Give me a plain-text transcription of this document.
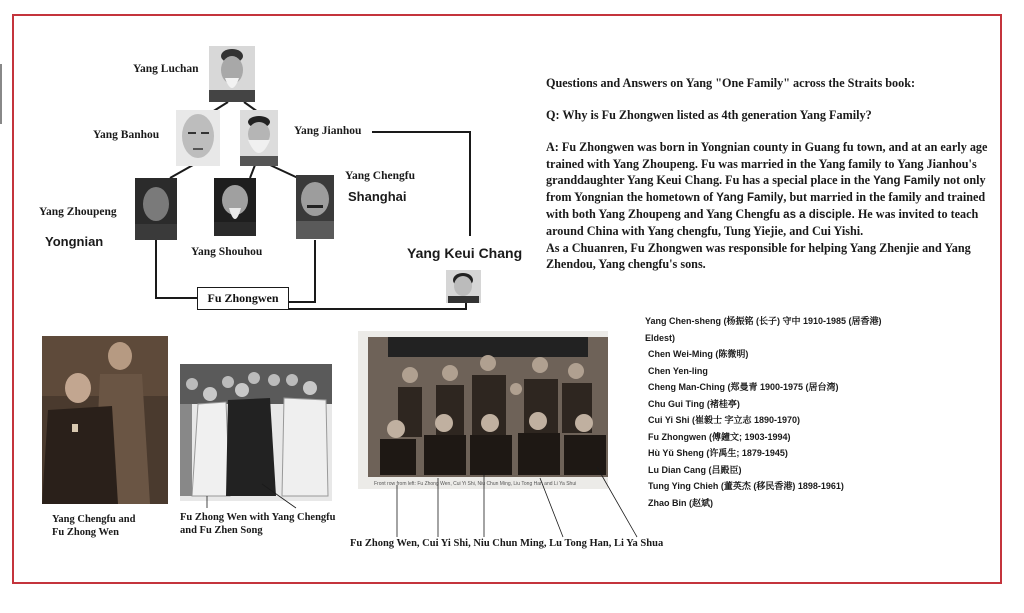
Yang Luchan
Yang Banhou	Yang Jianhou
Yang Chengfu
Yang Zhoupeng
Yang Shouhou
Yongnian
Shanghai
Yang Keui Chang
Fu Zhongwen

Questions and Answers on Yang "One Family" across the Straits book:

Q: Why is Fu Zhongwen listed as 4th generation Yang Family?

A: Fu Zhongwen was born in Yongnian county in Guang fu town, and at an early age trained with Yang Zhoupeng. Fu was married in the Yang family to Yang Jianhou's granddaughter Yang Keui Chang. Fu has a special place in the Yang Family not only from Yongnian the hometown of Yang Family, but married in the family and trained with both Yang Zhoupeng and Yang Chengfu as a disciple. He was invited to teach around China with Yang chengfu, Tung Yiejie, and Cui Yishi.
As a Chuanren, Fu Zhongwen was responsible for helping Yang Zhenjie and Yang Zhendou, Yang chengfu's sons.

Yang Chen-sheng (杨振铭 (长子) 守中 1910-1985 (居香港)
Eldest)
Chen Wei-Ming (陈微明)
Chen Yen-ling
Cheng Man-Ching (郑曼青 1900-1975 (居台湾)
Chu Gui Ting (褚桂亭)
Cui Yi Shi (崔毅士 字立志 1890-1970)
Fu Zhongwen (傅鐘文; 1903-1994)
Hù Yǔ Sheng (许禹生; 1879-1945)
Lu Dian Cang (吕殿臣)
Tung Ying Chieh (董英杰 (移民香港) 1898-1961)
Zhao Bin (赵斌)
Front row from left: Fu Zhong Wen, Cui Yi Shi, Niu Chun Ming, Liu Tong Han and Li Ya Shui
Yang Chengfu and
Fu Zhong Wen
Fu Zhong Wen with Yang Chengfu
and Fu Zhen Song
Fu Zhong Wen, Cui Yi Shi, Niu Chun Ming, Lu Tong Han, Li Ya Shua
